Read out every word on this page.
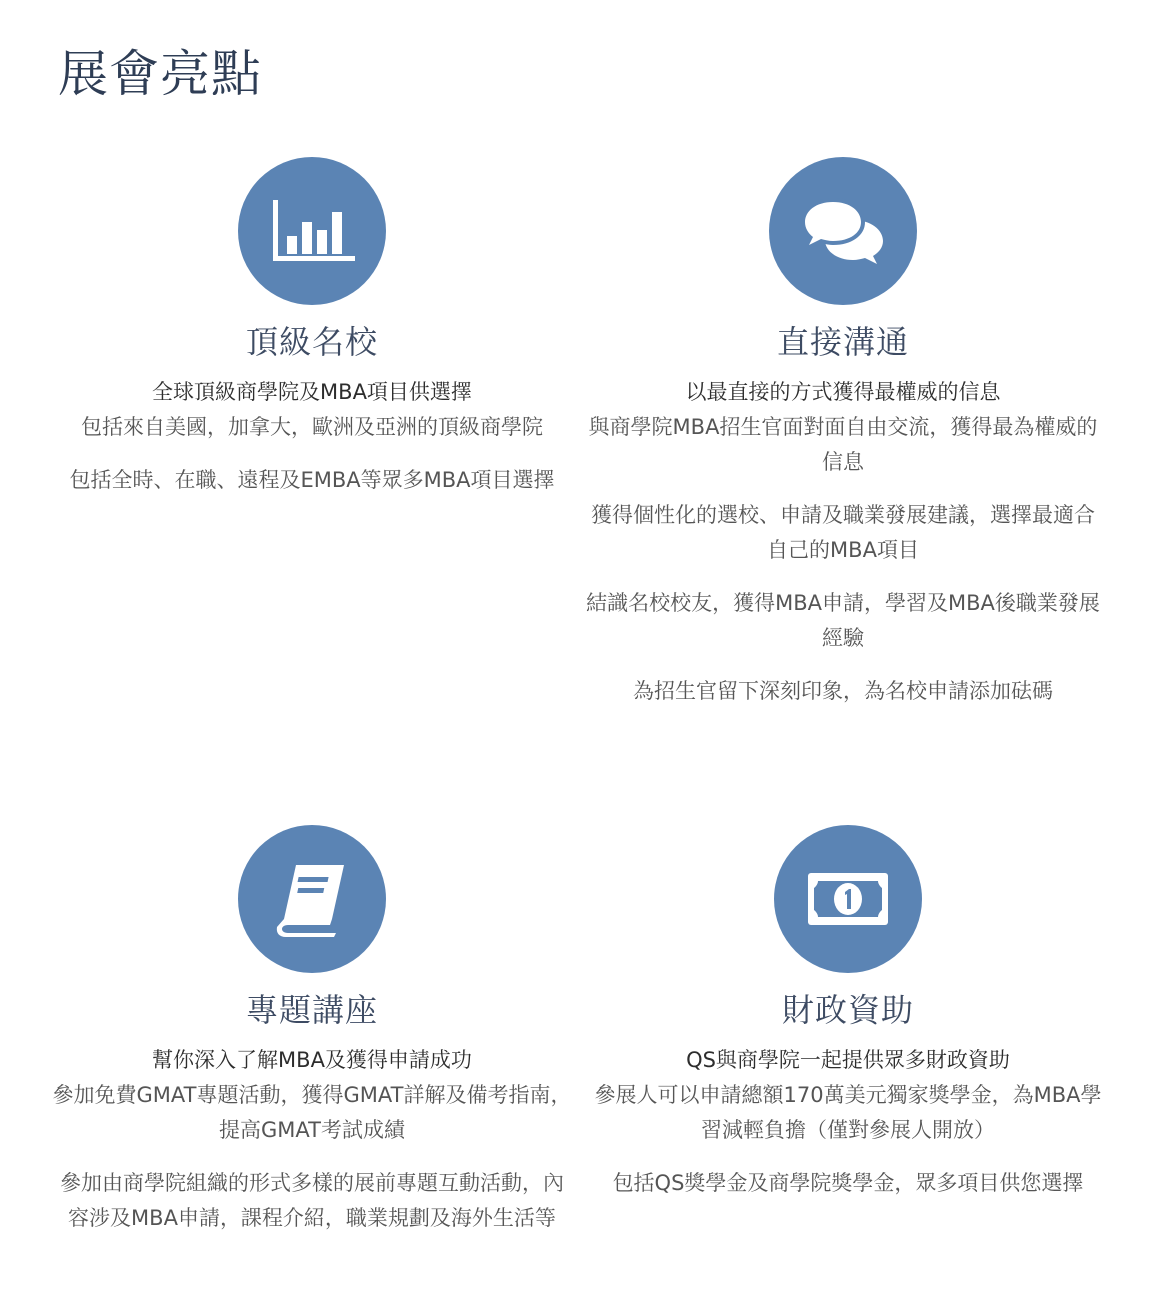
展會亮點
頂級名校

全球頂級商學院及MBA項目供選擇

包括來自美國，加拿大，歐洲及亞洲的頂級商學院

包括全時、在職、遠程及EMBA等眾多MBA項目選擇

直接溝通

以最直接的方式獲得最權威的信息

與商學院MBA招生官面對面自由交流，獲得最為權威的信息

獲得個性化的選校、申請及職業發展建議，選擇最適合自己的MBA項目

結識名校校友，獲得MBA申請，學習及MBA後職業發展經驗

為招生官留下深刻印象，為名校申請添加砝碼

專題講座

幫你深入了解MBA及獲得申請成功

參加免費GMAT專題活動，獲得GMAT詳解及備考指南，提高GMAT考試成績

參加由商學院組織的形式多樣的展前專題互動活動，內容涉及MBA申請，課程介紹，職業規劃及海外生活等

財政資助

QS與商學院一起提供眾多財政資助

參展人可以申請總額170萬美元獨家獎學金，為MBA學習減輕負擔（僅對參展人開放）

包括QS獎學金及商學院獎學金，眾多項目供您選擇
